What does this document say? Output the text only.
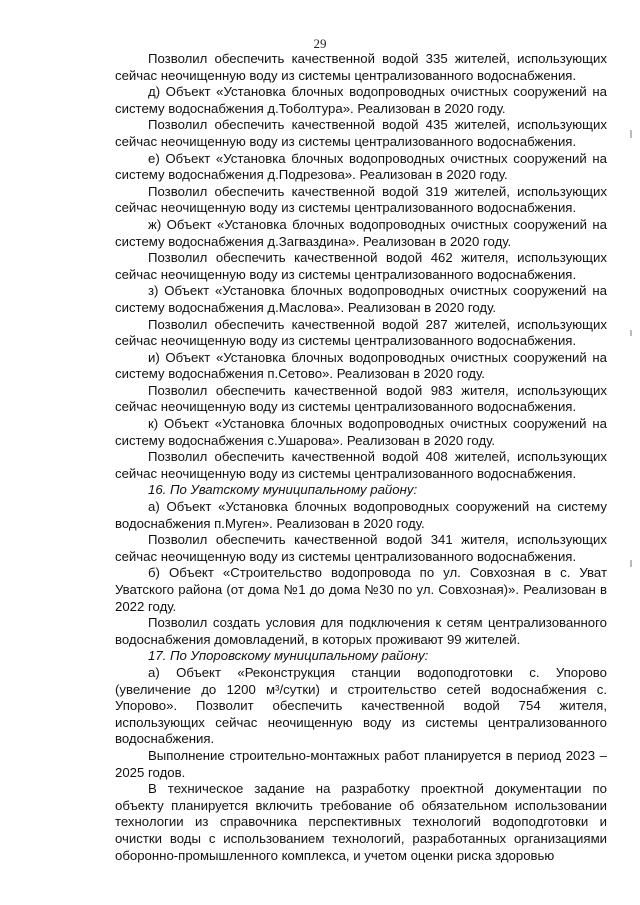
29

Позволил обеспечить качественной водой 335 жителей, использующих сейчас неочищенную воду из системы централизованного водоснабжения.

д) Объект «Установка блочных водопроводных очистных сооружений на систему водоснабжения д.Тоболтура». Реализован в 2020 году.

Позволил обеспечить качественной водой 435 жителей, использующих сейчас неочищенную воду из системы централизованного водоснабжения.

е) Объект «Установка блочных водопроводных очистных сооружений на систему водоснабжения д.Подрезова». Реализован в 2020 году.

Позволил обеспечить качественной водой 319 жителей, использующих сейчас неочищенную воду из системы централизованного водоснабжения.

ж) Объект «Установка блочных водопроводных очистных сооружений на систему водоснабжения д.Загваздина». Реализован в 2020 году.

Позволил обеспечить качественной водой 462 жителя, использующих сейчас неочищенную воду из системы централизованного водоснабжения.

з) Объект «Установка блочных водопроводных очистных сооружений на систему водоснабжения д.Маслова». Реализован в 2020 году.

Позволил обеспечить качественной водой 287 жителей, использующих сейчас неочищенную воду из системы централизованного водоснабжения.

и) Объект «Установка блочных водопроводных очистных сооружений на систему водоснабжения п.Сетово». Реализован в 2020 году.

Позволил обеспечить качественной водой 983 жителя, использующих сейчас неочищенную воду из системы централизованного водоснабжения.

к) Объект «Установка блочных водопроводных очистных сооружений на систему водоснабжения с.Ушарова». Реализован в 2020 году.

Позволил обеспечить качественной водой 408 жителей, использующих сейчас неочищенную воду из системы централизованного водоснабжения.

16. По Уватскому муниципальному району:

а) Объект «Установка блочных водопроводных сооружений на систему водоснабжения п.Муген». Реализован в 2020 году.

Позволил обеспечить качественной водой 341 жителя, использующих сейчас неочищенную воду из системы централизованного водоснабжения.

б) Объект «Строительство водопровода по ул. Совхозная в с. Уват Уватского района (от дома №1 до дома №30 по ул. Совхозная)». Реализован в 2022 году.

Позволил создать условия для подключения к сетям централизованного водоснабжения домовладений, в которых проживают 99 жителей.

17. По Упоровскому муниципальному району:

а) Объект «Реконструкция станции водоподготовки с. Упорово (увеличение до 1200 м³/сутки) и строительство сетей водоснабжения с. Упорово». Позволит обеспечить качественной водой 754 жителя, использующих сейчас неочищенную воду из системы централизованного водоснабжения.

Выполнение строительно-монтажных работ планируется в период 2023 – 2025 годов.

В техническое задание на разработку проектной документации по объекту планируется включить требование об обязательном использовании технологии из справочника перспективных технологий водоподготовки и очистки воды с использованием технологий, разработанных организациями оборонно-промышленного комплекса, и учетом оценки риска здоровью
